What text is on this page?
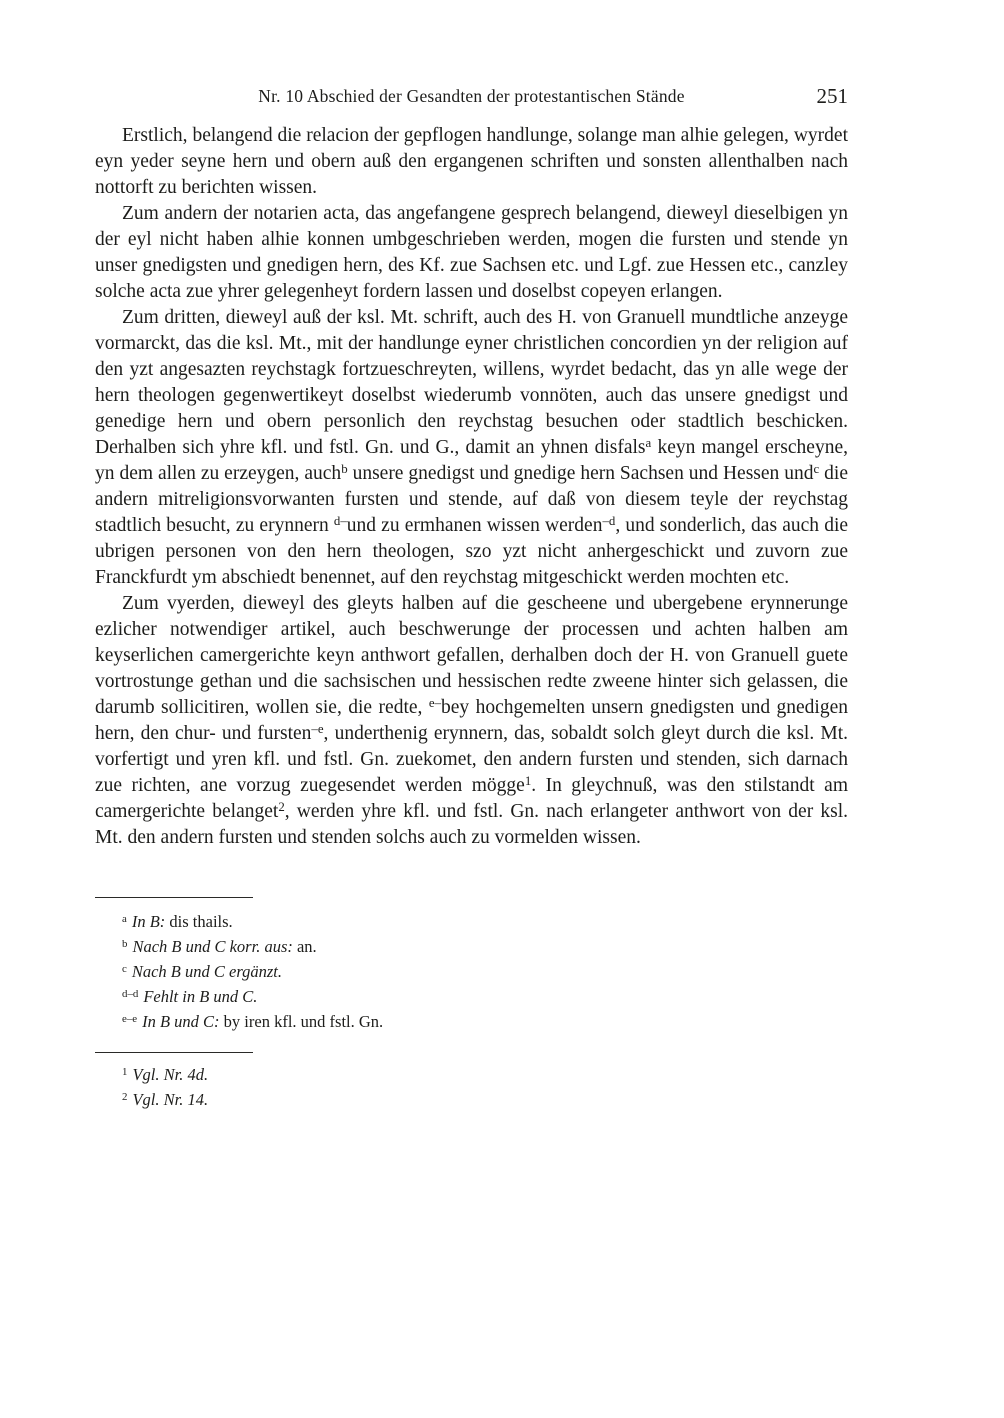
Nr. 10 Abschied der Gesandten der protestantischen Stände	251

Erstlich, belangend die relacion der gepflogen handlunge, solange man alhie gelegen, wyrdet eyn yeder seyne hern und obern auß den ergangenen schriften und sonsten allenthalben nach nottorft zu berichten wissen.

Zum andern der notarien acta, das angefangene gesprech belangend, dieweyl dieselbigen yn der eyl nicht haben alhie konnen umbgeschrieben werden, mogen die fursten und stende yn unser gnedigsten und gnedigen hern, des Kf. zue Sachsen etc. und Lgf. zue Hessen etc., canzley solche acta zue yhrer gelegenheyt fordern lassen und doselbst copeyen erlangen.

Zum dritten, dieweyl auß der ksl. Mt. schrift, auch des H. von Granuell mundtliche anzeyge vormarckt, das die ksl. Mt., mit der handlunge eyner christlichen concordien yn der religion auf den yzt angesazten reychstagk fortzueschreyten, willens, wyrdet bedacht, das yn alle wege der hern theologen gegenwertikeyt doselbst wiederumb vonnöten, auch das unsere gnedigst und genedige hern und obern personlich den reychstag besuchen oder stadtlich beschicken. Derhalben sich yhre kfl. und fstl. Gn. und G., damit an yhnen disfals$^a$ keyn mangel erscheyne, yn dem allen zu erzeygen, auch$^b$ unsere gnedigst und gnedige hern Sachsen und Hessen und$^c$ die andern mitreligionsvorwanten fursten und stende, auf daß von diesem teyle der reychstag stadtlich besucht, zu erynnern $^{d-}$und zu ermhanen wissen werden$^{-d}$, und sonderlich, das auch die ubrigen personen von den hern theologen, szo yzt nicht anhergeschickt und zuvorn zue Franckfurdt ym abschiedt benennet, auf den reychstag mitgeschickt werden mochten etc.

Zum vyerden, dieweyl des gleyts halben auf die gescheene und ubergebene erynnerunge ezlicher notwendiger artikel, auch beschwerunge der processen und achten halben am keyserlichen camergerichte keyn anthwort gefallen, derhalben doch der H. von Granuell guete vortrostunge gethan und die sachsischen und hessischen redte zweene hinter sich gelassen, die darumb sollicitiren, wollen sie, die redte, $^{e-}$bey hochgemelten unsern gnedigsten und gnedigen hern, den chur- und fursten$^{-e}$, underthenig erynnern, das, sobaldt solch gleyt durch die ksl. Mt. vorfertigt und yren kfl. und fstl. Gn. zuekomet, den andern fursten und stenden, sich darnach zue richten, ane vorzug zuegesendet werden mögge$^1$. In gleychnuß, was den stilstandt am camergerichte belanget$^2$, werden yhre kfl. und fstl. Gn. nach erlangeter anthwort von der ksl. Mt. den andern fursten und stenden solchs auch zu vormelden wissen.

$^a$ In B: dis thails.
$^b$ Nach B und C korr. aus: an.
$^c$ Nach B und C ergänzt.
$^{d-d}$ Fehlt in B und C.
$^{e-e}$ In B und C: by iren kfl. und fstl. Gn.
$^1$ Vgl. Nr. 4d.
$^2$ Vgl. Nr. 14.
